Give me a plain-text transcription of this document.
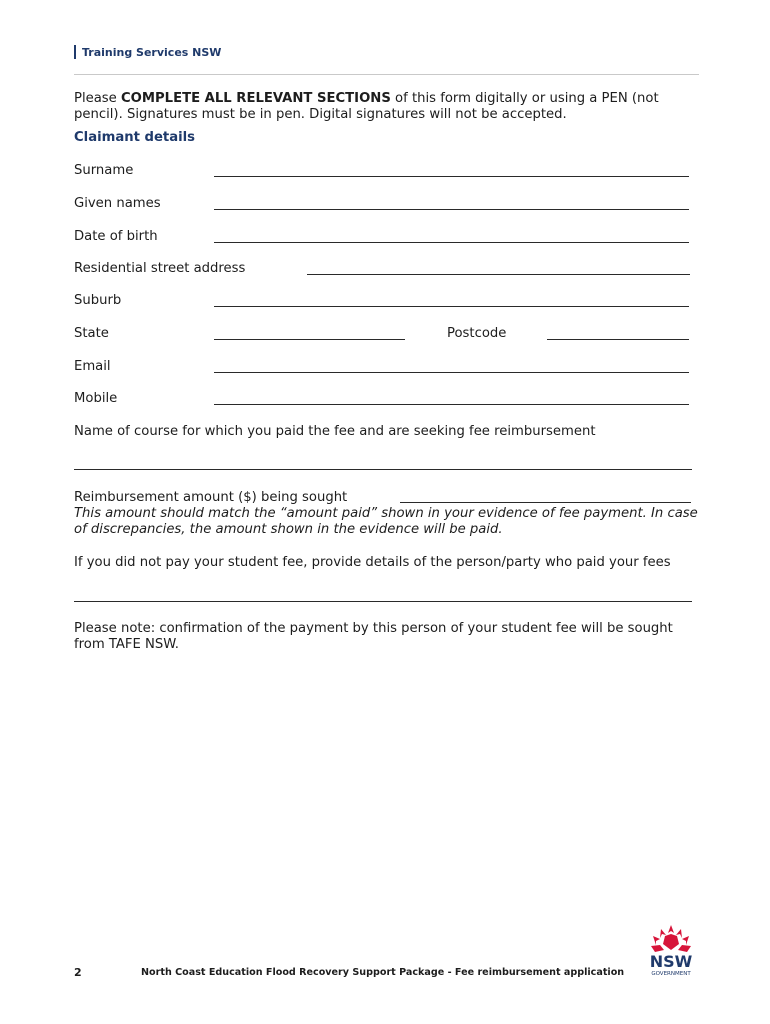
Training Services NSW
Please COMPLETE ALL RELEVANT SECTIONS of this form digitally or using a PEN (not pencil). Signatures must be in pen. Digital signatures will not be accepted.
Claimant details
Surname
Given names
Date of birth
Residential street address
Suburb
State	Postcode
Email
Mobile
Name of course for which you paid the fee and are seeking fee reimbursement
Reimbursement amount ($) being sought
This amount should match the “amount paid” shown in your evidence of fee payment. In case of discrepancies, the amount shown in the evidence will be paid.
If you did not pay your student fee, provide details of the person/party who paid your fees
Please note: confirmation of the payment by this person of your student fee will be sought from TAFE NSW.
2	North Coast Education Flood Recovery Support Package - Fee reimbursement application
NSW
GOVERNMENT
